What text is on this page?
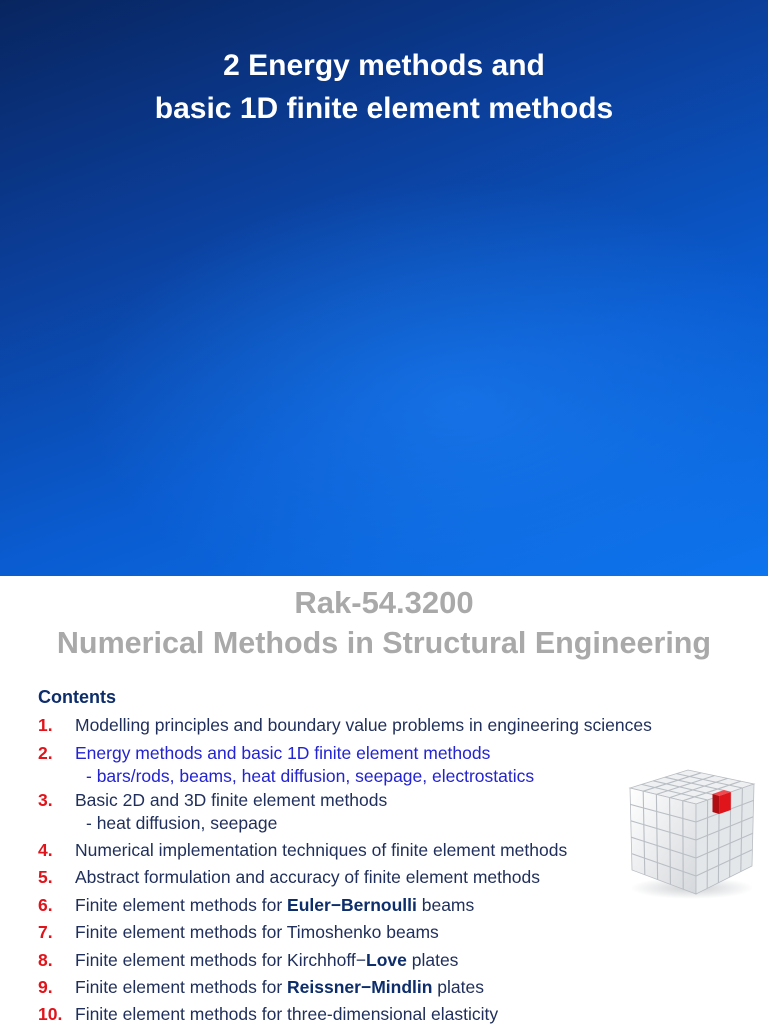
2 Energy methods and
basic 1D finite element methods
Rak-54.3200
Numerical Methods in Structural Engineering
Contents
1. Modelling principles and boundary value problems in engineering sciences
2. Energy methods and basic 1D finite element methods
- bars/rods, beams, heat diffusion, seepage, electrostatics
3. Basic 2D and 3D finite element methods
- heat diffusion, seepage
4. Numerical implementation techniques of finite element methods
5. Abstract formulation and accuracy of finite element methods
6. Finite element methods for Euler−Bernoulli beams
7. Finite element methods for Timoshenko beams
8. Finite element methods for Kirchhoff−Love plates
9. Finite element methods for Reissner−Mindlin plates
10. Finite element methods for three-dimensional elasticity
